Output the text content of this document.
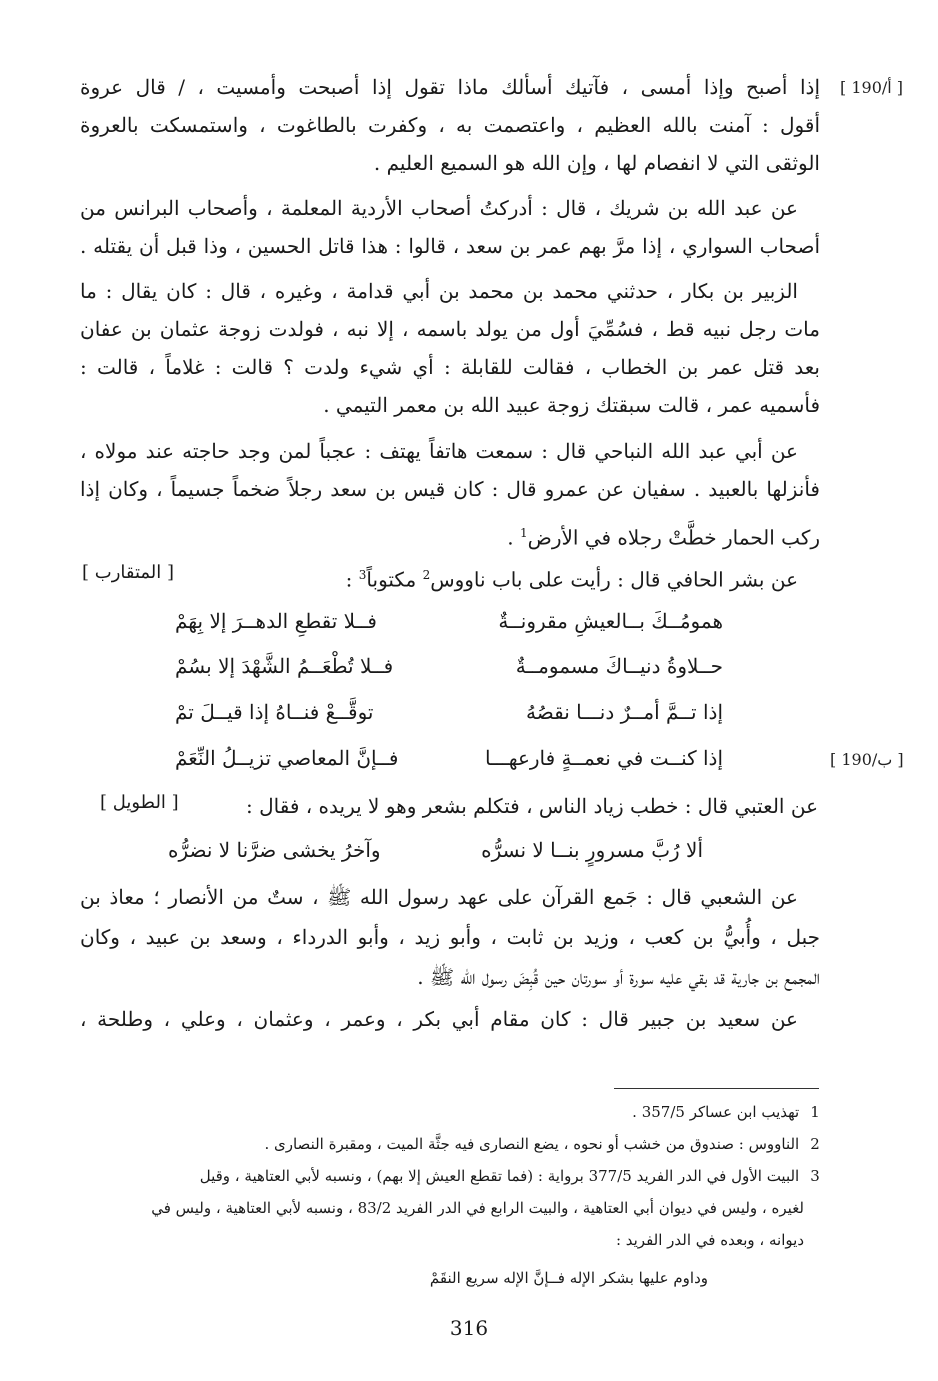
[ 190/أ ]
إذا أصبح وإذا أمسى ، فآتيك أسألك ماذا تقول إذا أصبحت وأمسيت ، / قال عروة
أقول : آمنت بالله العظيم ، واعتصمت به ، وكفرت بالطاغوت ، واستمسكت بالعروة
الوثقى التي لا انفصام لها ، وإن الله هو السميع العليم .
عن عبد الله بن شريك ، قال : أدركتُ أصحاب الأردية المعلمة ، وأصحاب البرانس من
أصحاب السواري ، إذا مرَّ بهم عمر بن سعد ، قالوا : هذا قاتل الحسين ، وذا قبل أن يقتله .
الزبير بن بكار ، حدثني محمد بن محمد بن أبي قدامة ، وغيره ، قال : كان يقال : ما
مات رجل نبيه قط ، فسُمِّيَ أول من يولد باسمه ، إلا نبه ، فولدت زوجة عثمان بن عفان
بعد قتل عمر بن الخطاب ، فقالت للقابلة : أي شيء ولدت ؟ قالت : غلاماً ، قالت :
فأسميه عمر ، قالت سبقتك زوجة عبيد الله بن معمر التيمي .
عن أبي عبد الله النباحي قال : سمعت هاتفاً يهتف : عجباً لمن وجد حاجته عند مولاه ،
فأنزلها بالعبيد . سفيان عن عمرو قال : كان قيس بن سعد رجلاً ضخماً جسيماً ، وكان إذا
ركب الحمار خطَّتْ رجلاه في الأرض$^1$ .
عن بشر الحافي قال : رأيت على باب ناووس$^2$ مكتوباً$^3$ :
[ المتقارب ]
همومُــكَ بــالعيشِ مقرونــةٌ
فــلا تقطعِ الدهــرَ إلا بِهَمْ
حــلاوةُ دنيــاكَ مسمومــةٌ
فــلا تُطْعَــمُ الشَّهْدَ إلا بسُمْ
إذا تــمَّ أمــرٌ دنـــا نقصُهُ
توقَّــعْ فنــاهُ إذا قيــلَ تمْ
إذا كنــت في نعمــةٍ فارعهـــا
فــإنَّ المعاصي تزيــلُ النِّعَمْ	[ 190/ب ]
عن العتبي قال : خطب زياد الناس ، فتكلم بشعر وهو لا يريده ، فقال :
[ الطويل ]
ألا رُبَّ مسرورٍ بنــا لا نسرُّه
وآخرُ يخشى ضرَّنا لا نضرُّه
عن الشعبي قال : جَمع القرآن على عهد رسول الله ﷺ ، ستٌ من الأنصار ؛ معاذ بن
جبل ، وأُبيُّ بن كعب ، وزيد بن ثابت ، وأبو زيد ، وأبو الدرداء ، وسعد بن عبيد ، وكان
المجمع بن جارية قد بقي عليه سورة أو سورتان حين قُبِضَ رسول الله ﷺ .
عن سعيد بن جبير قال : كان مقام أبي بكر ، وعمر ، وعثمان ، وعلي ، وطلحة ،
1 تهذيب ابن عساكر 357/5 .
2 الناووس : صندوق من خشب أو نحوه ، يضع النصارى فيه جثَّة الميت ، ومقبرة النصارى .
3 البيت الأول في الدر الفريد 377/5 برواية : (فما تقطع العيش إلا بهم) ، ونسبه لأبي العتاهية ، وقيل
لغيره ، وليس في ديوان أبي العتاهية ، والبيت الرابع في الدر الفريد 83/2 ، ونسبه لأبي العتاهية ، وليس في
ديوانه ، وبعده في الدر الفريد :
وداوم عليها بشكر الإله فــإنَّ الإله سريع النقَمْ
316
